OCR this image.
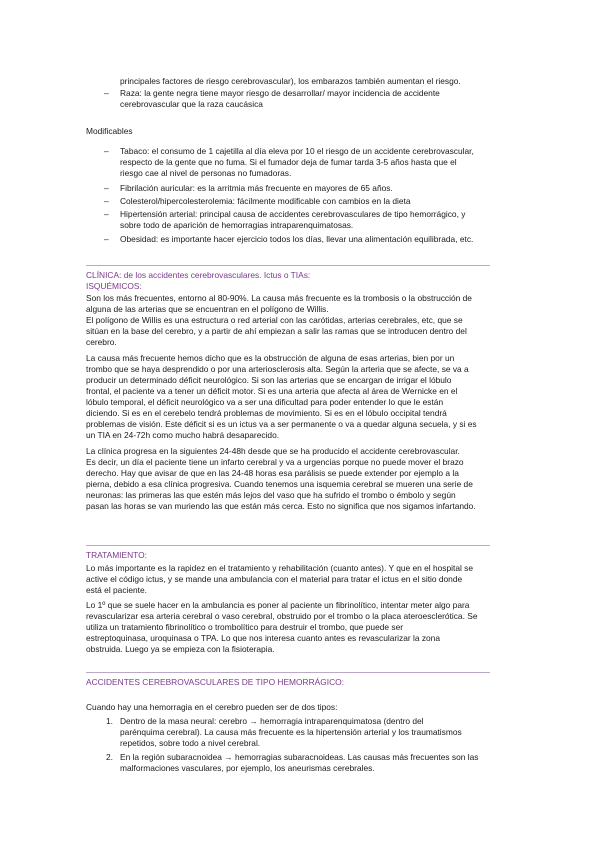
principales factores de riesgo cerebrovascular), los embarazos también aumentan el riesgo.

– Raza: la gente negra tiene mayor riesgo de desarrollar/ mayor incidencia de accidente

cerebrovascular que la raza caucásica

Modificables

– Tabaco: el consumo de 1 cajetilla al día eleva por 10 el riesgo de un accidente cerebrovascular,

respecto de la gente que no fuma. Si el fumador deja de fumar tarda 3-5 años hasta que el

riesgo cae al nivel de personas no fumadoras.

– Fibrilación auricular: es la arritmia más frecuente en mayores de 65 años.

– Colesterol/hipercolesterolemia: fácilmente modificable con cambios en la dieta

– Hipertensión arterial: principal causa de accidentes cerebrovasculares de tipo hemorrágico, y

sobre todo de aparición de hemorragias intraparenquimatosas.

– Obesidad: es importante hacer ejercicio todos los días, llevar una alimentación equilibrada, etc.

CLÍNICA: de los accidentes cerebrovasculares. Ictus o TIAs:

ISQUÉMICOS:

Son los más frecuentes, entorno al 80-90%. La causa más frecuente es la trombosis o la obstrucción de

alguna de las arterias que se encuentran en el polígono de Willis.

El polígono de Willis es una estructura o red arterial con las carótidas, arterias cerebrales, etc, que se

sitúan en la base del cerebro, y a partir de ahí empiezan a salir las ramas que se introducen dentro del

cerebro.

La causa más frecuente hemos dicho que es la obstrucción de alguna de esas arterias, bien por un

trombo que se haya desprendido o por una arteriosclerosis alta. Según la arteria que se afecte, se va a

producir un determinado déficit neurológico. Si son las arterias que se encargan de irrigar el lóbulo

frontal, el paciente va a tener un déficit motor. Si es una arteria que afecta al área de Wernicke en el

lóbulo temporal, el déficit neurológico va a ser una dificultad para poder entender lo que le están

diciendo. Si es en el cerebelo tendrá problemas de movimiento. Si es en el lóbulo occipital tendrá

problemas de visión. Este déficit si es un ictus va a ser permanente o va a quedar alguna secuela, y si es

un TIA en 24-72h como mucho habrá desaparecido.

La clínica progresa en la siguientes 24-48h desde que se ha producido el accidente cerebrovascular.

Es decir, un día el paciente tiene un infarto cerebral y va a urgencias porque no puede mover el brazo

derecho. Hay que avisar de que en las 24-48 horas esa parálisis se puede extender por ejemplo a la

pierna, debido a esa clínica progresiva. Cuando tenemos una isquemia cerebral se mueren una serie de

neuronas: las primeras las que estén más lejos del vaso que ha sufrido el trombo o émbolo y según

pasan las horas se van muriendo las que están más cerca. Esto no significa que nos sigamos infartando.

TRATAMIENTO:

Lo más importante es la rapidez en el tratamiento y rehabilitación (cuanto antes). Y que en el hospital se

active el código ictus, y se mande una ambulancia con el material para tratar el ictus en el sitio donde

está el paciente.

Lo 1º que se suele hacer en la ambulancia es poner al paciente un fibrinolítico, intentar meter algo para

revascularizar esa arteria cerebral o vaso cerebral, obstruido por el trombo o la placa ateroesclerótica. Se

utiliza un tratamiento fibrinolítico o trombolítico para destruir el trombo, que puede ser

estreptoquinasa, uroquinasa o TPA. Lo que nos interesa cuanto antes es revascularizar la zona

obstruida. Luego ya se empieza con la fisioterapia.

ACCIDENTES CEREBROVASCULARES DE TIPO HEMORRÁGICO:

Cuando hay una hemorragia en el cerebro pueden ser de dos tipos:

1. Dentro de la masa neural: cerebro → hemorragia intraparenquimatosa (dentro del

parénquima cerebral). La causa más frecuente es la hipertensión arterial y los traumatismos

repetidos, sobre todo a nivel cerebral.

2. En la región subaracnoidea → hemorragias subaracnoideas. Las causas más frecuentes son las

malformaciones vasculares, por ejemplo, los aneurismas cerebrales.
